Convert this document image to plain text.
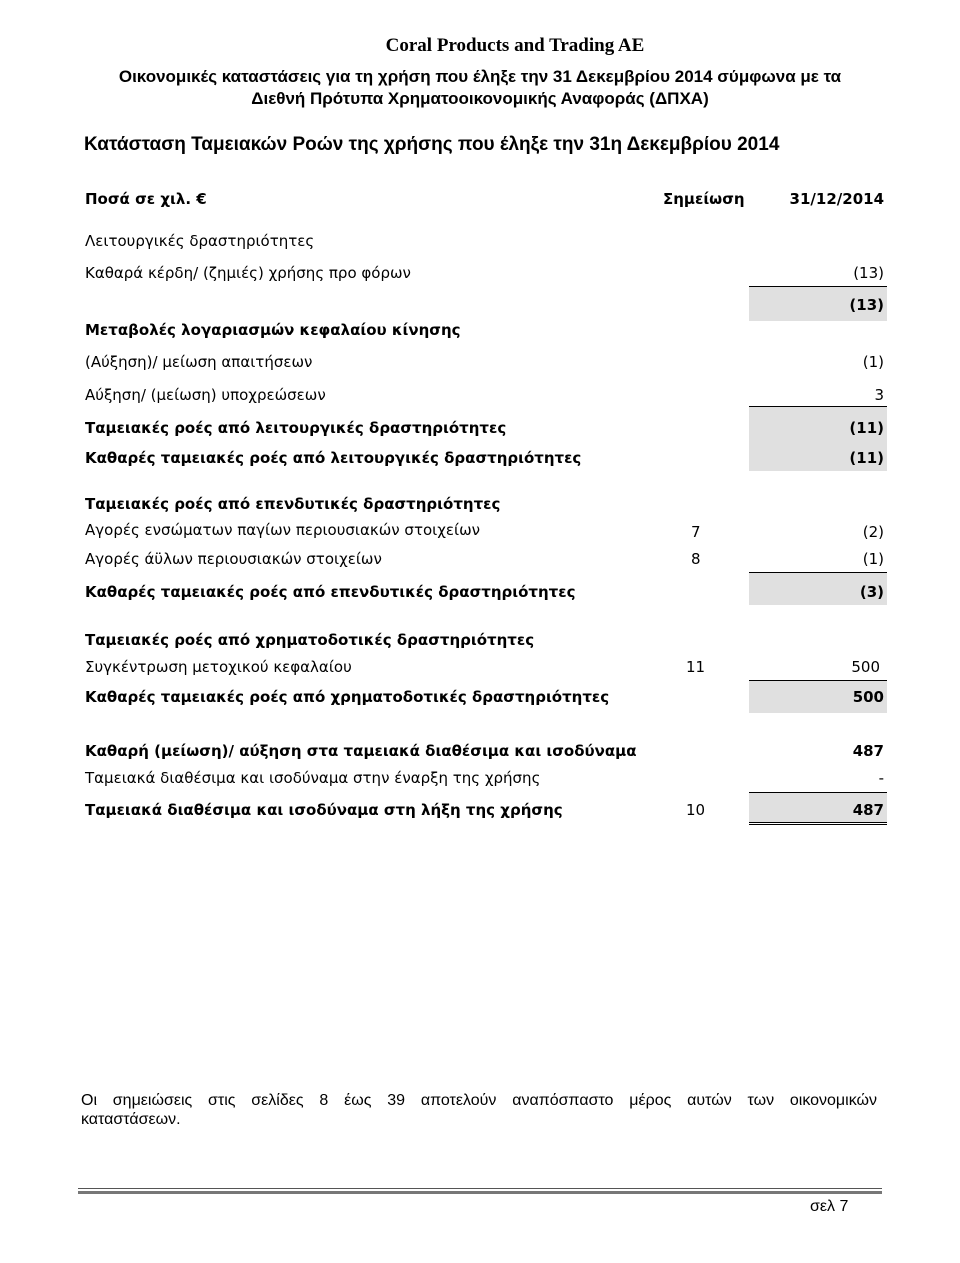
Coral Products and Trading AE
Οικονομικές καταστάσεις για τη χρήση που έληξε την 31 Δεκεμβρίου 2014 σύμφωνα με τα
Διεθνή Πρότυπα Χρηματοοικονομικής Αναφοράς (ΔΠΧΑ)
Κατάσταση Ταμειακών Ροών της χρήσης που έληξε την 31η Δεκεμβρίου 2014
Ποσά σε χιλ. €	Σημείωση	31/12/2014
Λειτουργικές δραστηριότητες
Καθαρά κέρδη/ (ζημιές) χρήσης προ φόρων	(13)
(13)
Μεταβολές λογαριασμών κεφαλαίου κίνησης
(Αύξηση)/ μείωση απαιτήσεων	(1)
Αύξηση/ (μείωση) υποχρεώσεων	3
Ταμειακές ροές από λειτουργικές δραστηριότητες	(11)
Καθαρές ταμειακές ροές από λειτουργικές δραστηριότητες	(11)
Ταμειακές ροές από επενδυτικές δραστηριότητες
Αγορές ενσώματων παγίων περιουσιακών στοιχείων	7	(2)
Αγορές άϋλων περιουσιακών στοιχείων	8	(1)
Καθαρές ταμειακές ροές από επενδυτικές δραστηριότητες	(3)
Ταμειακές ροές από χρηματοδοτικές δραστηριότητες
Συγκέντρωση μετοχικού κεφαλαίου	11	500
Καθαρές ταμειακές ροές από χρηματοδοτικές δραστηριότητες	500
Καθαρή (μείωση)/ αύξηση στα ταμειακά διαθέσιμα και ισοδύναμα	487
Ταμειακά διαθέσιμα και ισοδύναμα στην έναρξη της χρήσης	-
Ταμειακά διαθέσιμα και ισοδύναμα στη λήξη της χρήσης	10	487
Οι σημειώσεις στις σελίδες 8 έως 39 αποτελούν αναπόσπαστο μέρος αυτών των οικονομικών
καταστάσεων.
σελ 7
